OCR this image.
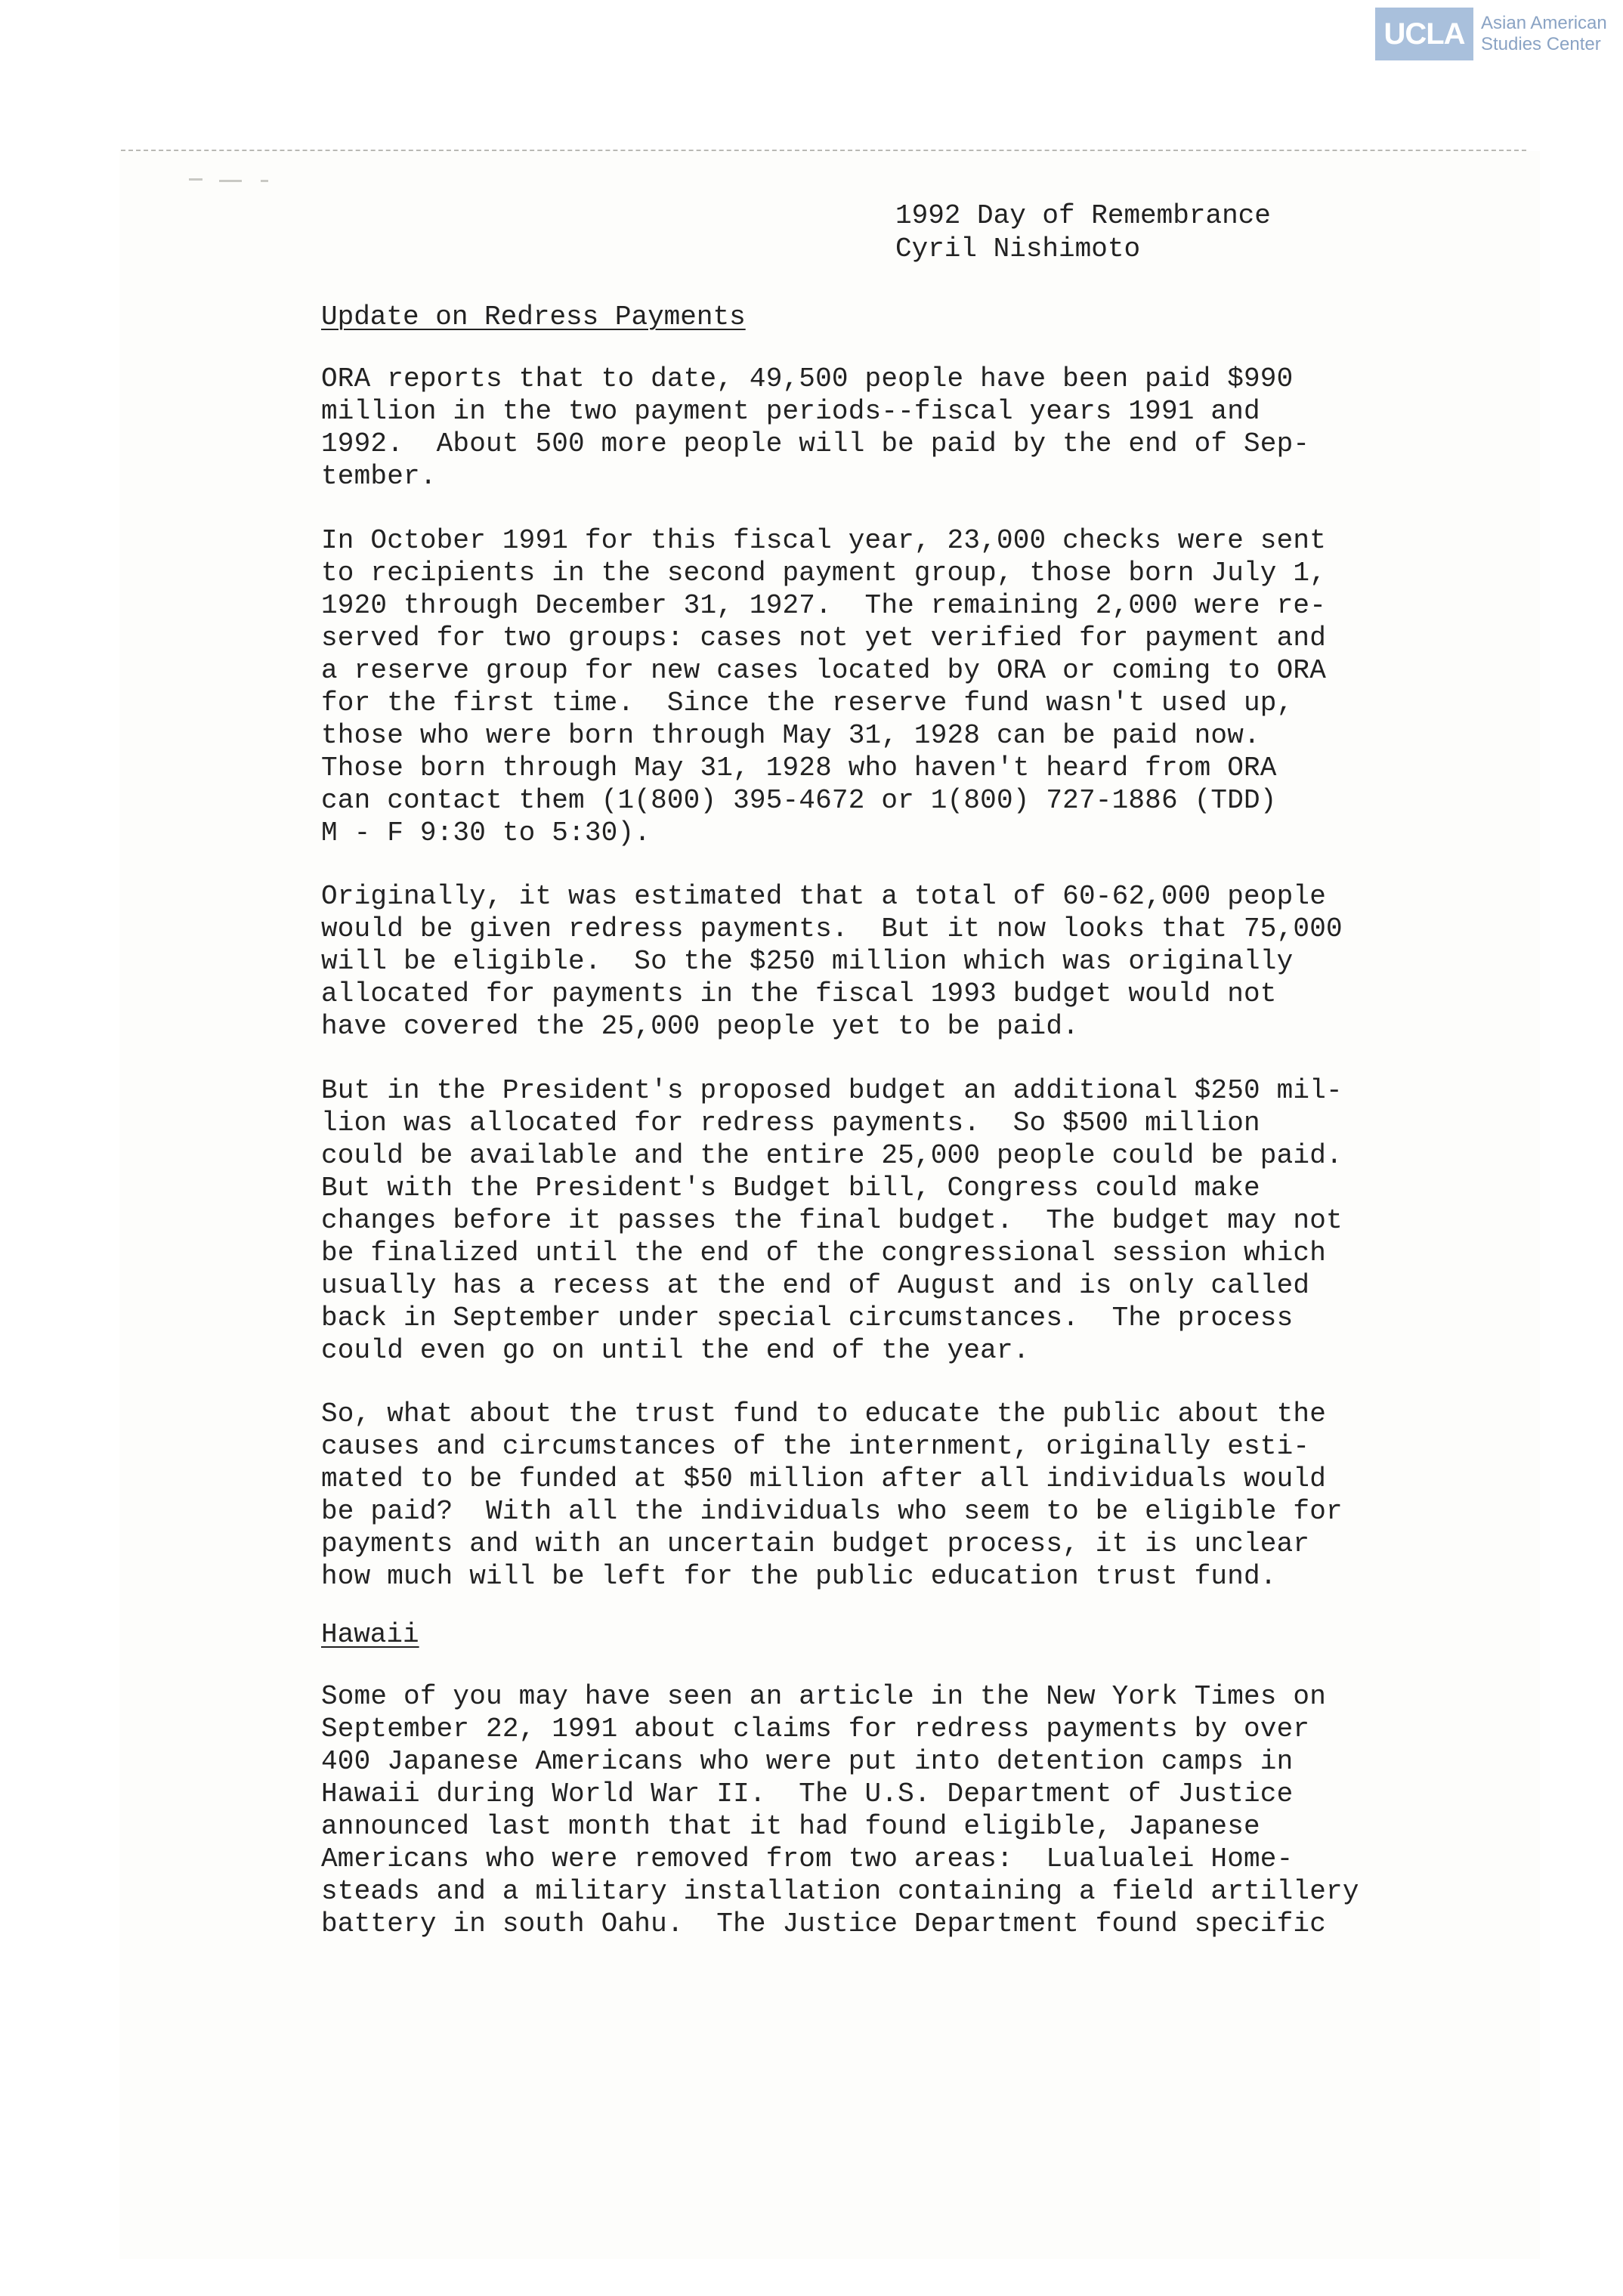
UCLA Asian American
Studies Center
1992 Day of Remembrance
Cyril Nishimoto
Update on Redress Payments
ORA reports that to date, 49,500 people have been paid $990
million in the two payment periods--fiscal years 1991 and
1992.  About 500 more people will be paid by the end of Sep-
tember.
In October 1991 for this fiscal year, 23,000 checks were sent
to recipients in the second payment group, those born July 1,
1920 through December 31, 1927.  The remaining 2,000 were re-
served for two groups: cases not yet verified for payment and
a reserve group for new cases located by ORA or coming to ORA
for the first time.  Since the reserve fund wasn't used up,
those who were born through May 31, 1928 can be paid now.
Those born through May 31, 1928 who haven't heard from ORA
can contact them (1(800) 395-4672 or 1(800) 727-1886 (TDD)
M - F 9:30 to 5:30).
Originally, it was estimated that a total of 60-62,000 people
would be given redress payments.  But it now looks that 75,000
will be eligible.  So the $250 million which was originally
allocated for payments in the fiscal 1993 budget would not
have covered the 25,000 people yet to be paid.
But in the President's proposed budget an additional $250 mil-
lion was allocated for redress payments.  So $500 million
could be available and the entire 25,000 people could be paid.
But with the President's Budget bill, Congress could make
changes before it passes the final budget.  The budget may not
be finalized until the end of the congressional session which
usually has a recess at the end of August and is only called
back in September under special circumstances.  The process
could even go on until the end of the year.
So, what about the trust fund to educate the public about the
causes and circumstances of the internment, originally esti-
mated to be funded at $50 million after all individuals would
be paid?  With all the individuals who seem to be eligible for
payments and with an uncertain budget process, it is unclear
how much will be left for the public education trust fund.
Hawaii
Some of you may have seen an article in the New York Times on
September 22, 1991 about claims for redress payments by over
400 Japanese Americans who were put into detention camps in
Hawaii during World War II.  The U.S. Department of Justice
announced last month that it had found eligible, Japanese
Americans who were removed from two areas:  Lualualei Home-
steads and a military installation containing a field artillery
battery in south Oahu.  The Justice Department found specific
